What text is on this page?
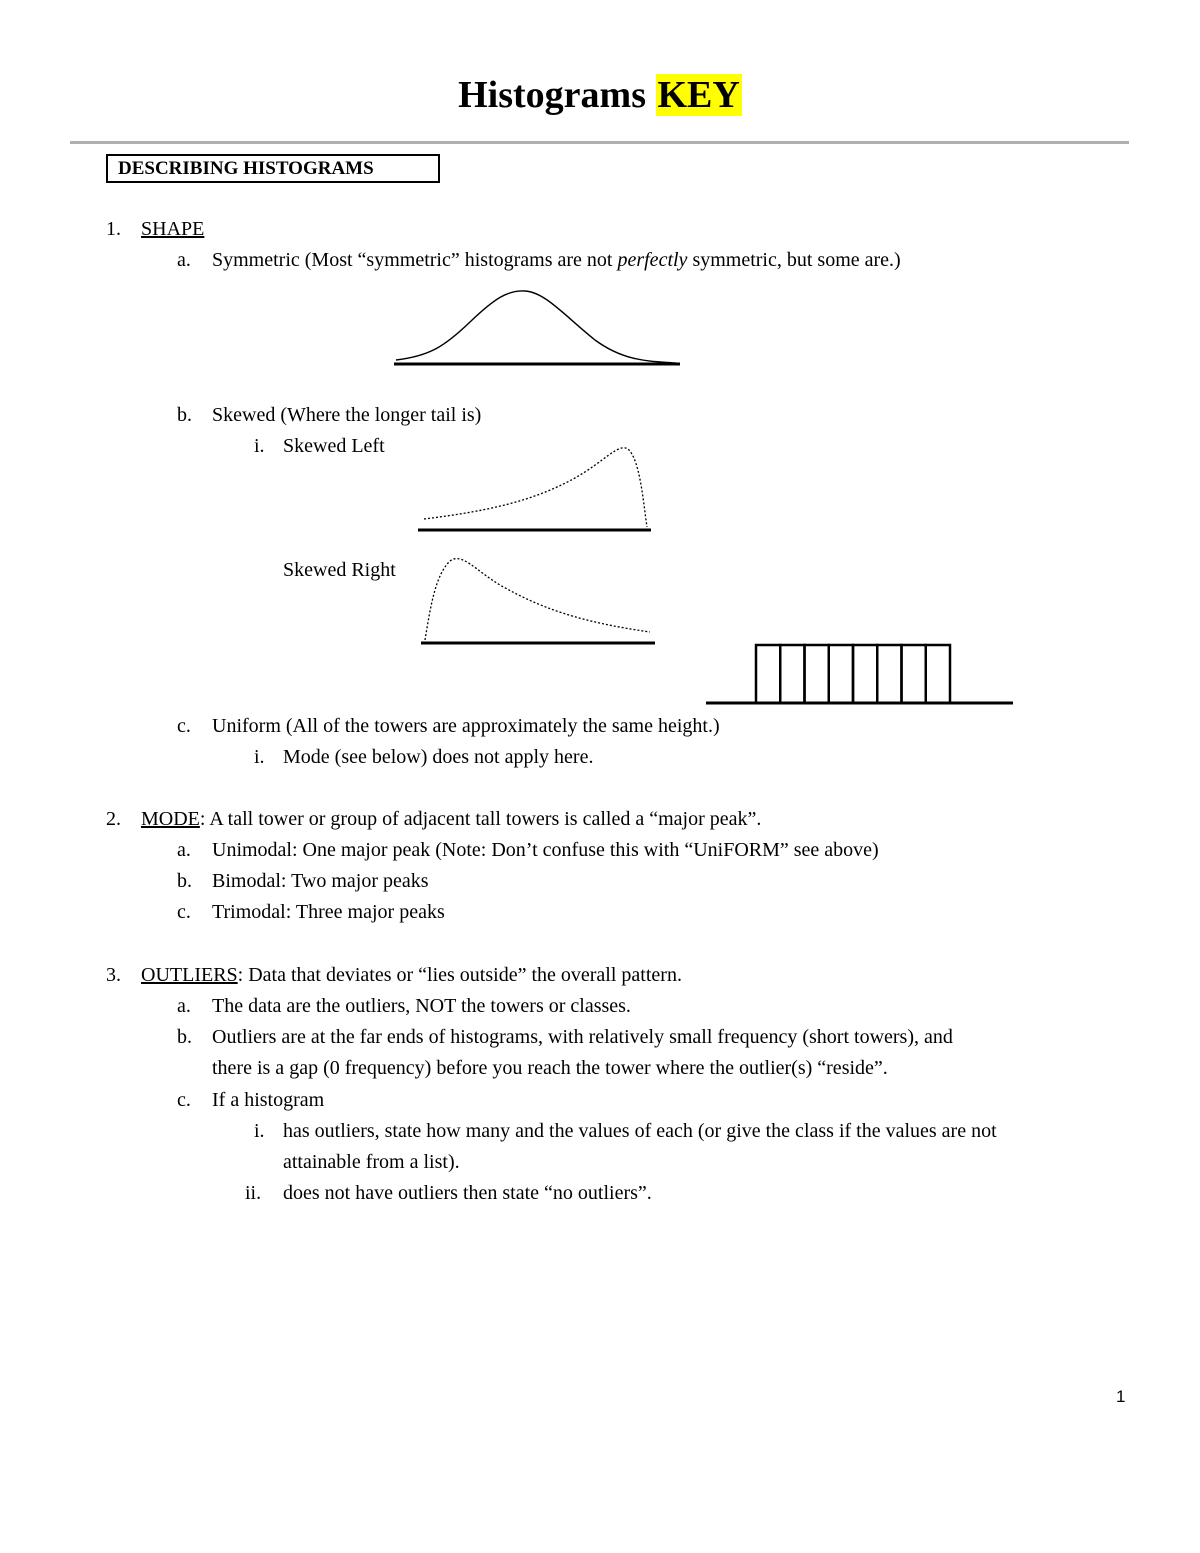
Histograms KEY
DESCRIBING HISTOGRAMS
1. SHAPE
a. Symmetric (Most “symmetric” histograms are not perfectly symmetric, but some are.)
b. Skewed (Where the longer tail is)
i. Skewed Left
Skewed Right
c. Uniform (All of the towers are approximately the same height.)
i. Mode (see below) does not apply here.
2. MODE: A tall tower or group of adjacent tall towers is called a “major peak”.
a. Unimodal: One major peak (Note: Don’t confuse this with “UniFORM” see above)
b. Bimodal: Two major peaks
c. Trimodal: Three major peaks
3. OUTLIERS: Data that deviates or “lies outside” the overall pattern.
a. The data are the outliers, NOT the towers or classes.
b. Outliers are at the far ends of histograms, with relatively small frequency (short towers), and
there is a gap (0 frequency) before you reach the tower where the outlier(s) “reside”.
c. If a histogram
i. has outliers, state how many and the values of each (or give the class if the values are not
attainable from a list).
ii. does not have outliers then state “no outliers”.
1
